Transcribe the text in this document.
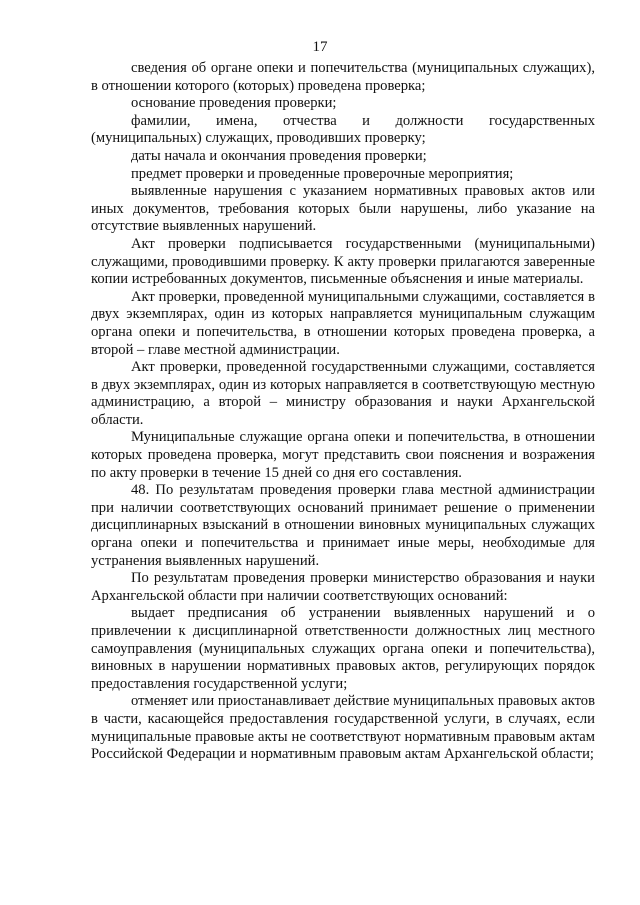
17

сведения об органе опеки и попечительства (муниципальных служащих), в отношении которого (которых) проведена проверка;

основание проведения проверки;

фамилии, имена, отчества и должности государственных (муниципальных) служащих, проводивших проверку;

даты начала и окончания проведения проверки;

предмет проверки и проведенные проверочные мероприятия;

выявленные нарушения с указанием нормативных правовых актов или иных документов, требования которых были нарушены, либо указание на отсутствие выявленных нарушений.

Акт проверки подписывается государственными (муниципальными) служащими, проводившими проверку. К акту проверки прилагаются заверенные копии истребованных документов, письменные объяснения и иные материалы.

Акт проверки, проведенной муниципальными служащими, составляется в двух экземплярах, один из которых направляется муниципальным служащим органа опеки и попечительства, в отношении которых проведена проверка, а второй – главе местной администрации.

Акт проверки, проведенной государственными служащими, составляется в двух экземплярах, один из которых направляется в соответствующую местную администрацию, а второй – министру образования и науки Архангельской области.

Муниципальные служащие органа опеки и попечительства, в отношении которых проведена проверка, могут представить свои пояснения и возражения по акту проверки в течение 15 дней со дня его составления.

48. По результатам проведения проверки глава местной администрации при наличии соответствующих оснований принимает решение о применении дисциплинарных взысканий в отношении виновных муниципальных служащих органа опеки и попечительства и принимает иные меры, необходимые для устранения выявленных нарушений.

По результатам проведения проверки министерство образования и науки Архангельской области при наличии соответствующих оснований:

выдает предписания об устранении выявленных нарушений и о привлечении к дисциплинарной ответственности должностных лиц местного самоуправления (муниципальных служащих органа опеки и попечительства), виновных в нарушении нормативных правовых актов, регулирующих порядок предоставления государственной услуги;

отменяет или приостанавливает действие муниципальных правовых актов в части, касающейся предоставления государственной услуги, в случаях, если муниципальные правовые акты не соответствуют нормативным правовым актам Российской Федерации и нормативным правовым актам Архангельской области;
